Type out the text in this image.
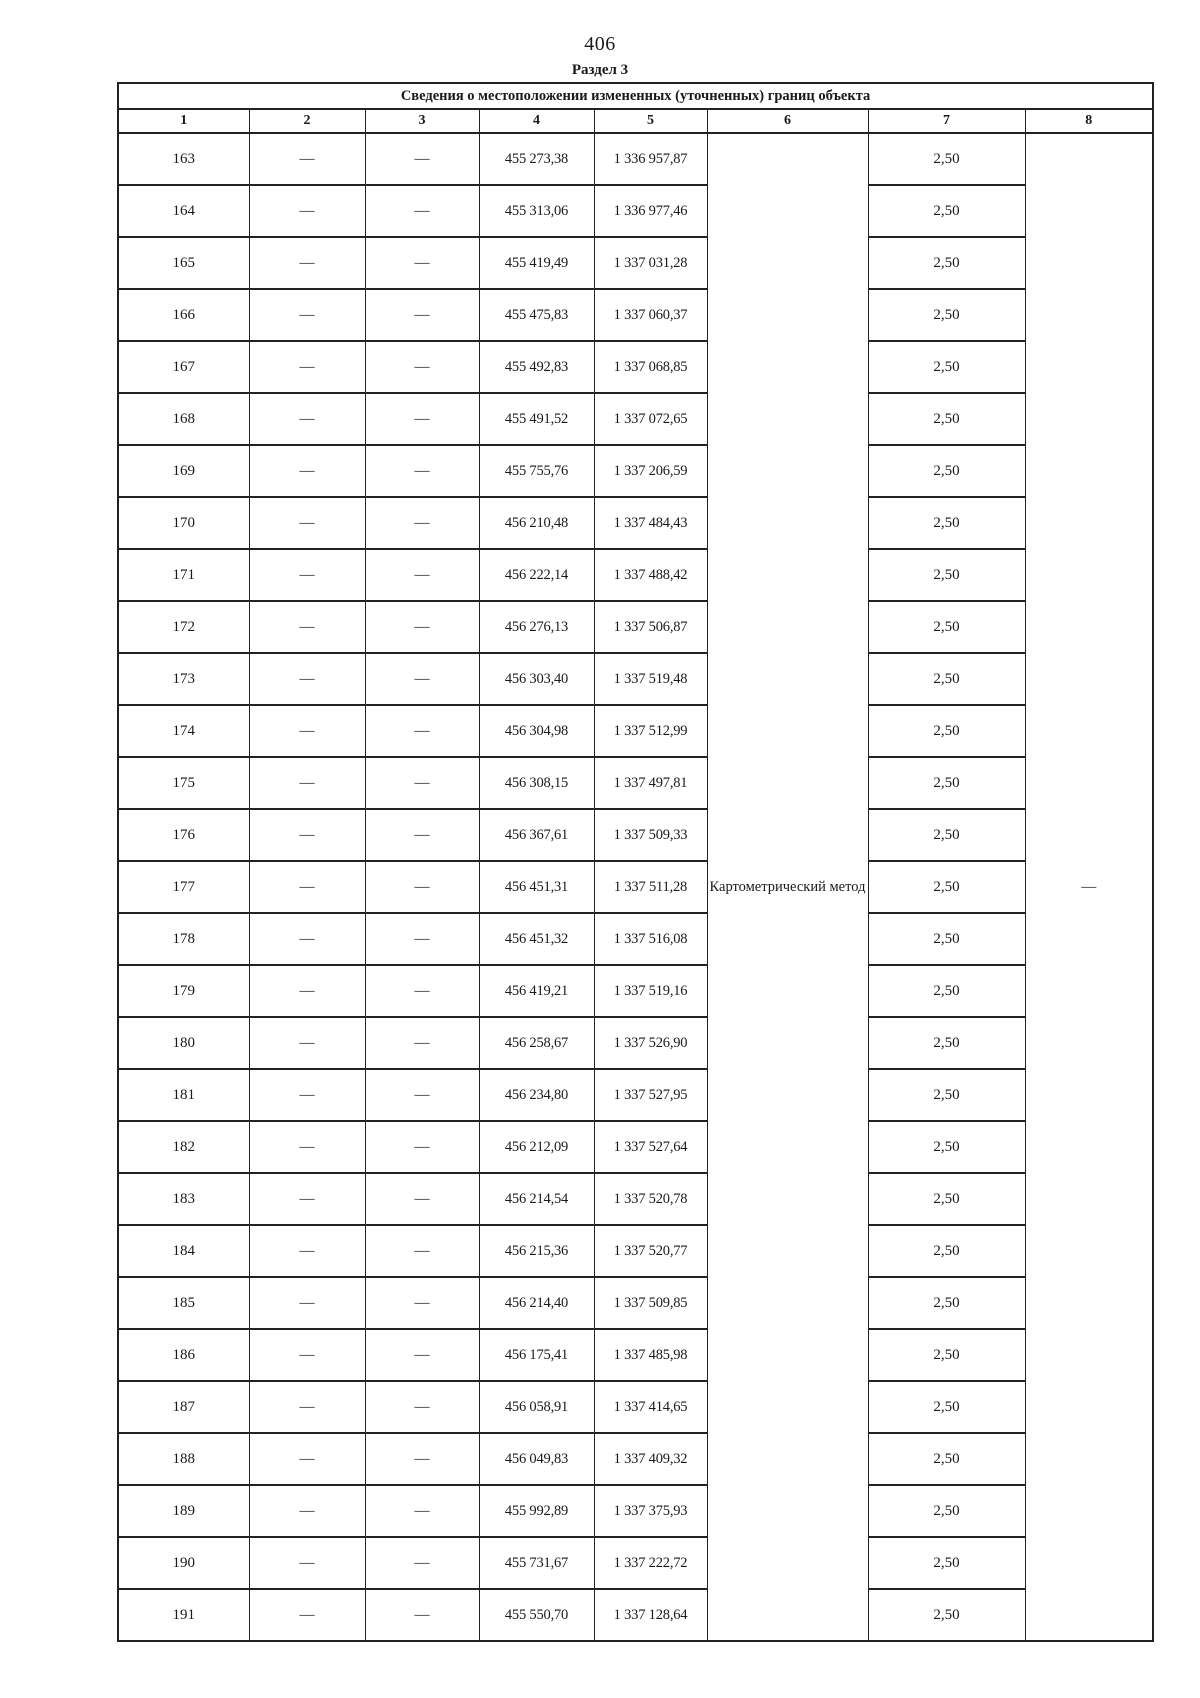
406
Раздел 3
Сведения о местоположении измененных (уточненных) границ объекта							
1	2	3	4	5	6	7	8
163	—	—	455 273,38	1 336 957,87	Картометрический метод	2,50	—
164	—	—	455 313,06	1 336 977,46		2,50	
165	—	—	455 419,49	1 337 031,28		2,50	
166	—	—	455 475,83	1 337 060,37		2,50	
167	—	—	455 492,83	1 337 068,85		2,50	
168	—	—	455 491,52	1 337 072,65		2,50	
169	—	—	455 755,76	1 337 206,59		2,50	
170	—	—	456 210,48	1 337 484,43		2,50	
171	—	—	456 222,14	1 337 488,42		2,50	
172	—	—	456 276,13	1 337 506,87		2,50	
173	—	—	456 303,40	1 337 519,48		2,50	
174	—	—	456 304,98	1 337 512,99		2,50	
175	—	—	456 308,15	1 337 497,81		2,50	
176	—	—	456 367,61	1 337 509,33		2,50	
177	—	—	456 451,31	1 337 511,28		2,50	
178	—	—	456 451,32	1 337 516,08		2,50	
179	—	—	456 419,21	1 337 519,16		2,50	
180	—	—	456 258,67	1 337 526,90		2,50	
181	—	—	456 234,80	1 337 527,95		2,50	
182	—	—	456 212,09	1 337 527,64		2,50	
183	—	—	456 214,54	1 337 520,78		2,50	
184	—	—	456 215,36	1 337 520,77		2,50	
185	—	—	456 214,40	1 337 509,85		2,50	
186	—	—	456 175,41	1 337 485,98		2,50	
187	—	—	456 058,91	1 337 414,65		2,50	
188	—	—	456 049,83	1 337 409,32		2,50	
189	—	—	455 992,89	1 337 375,93		2,50	
190	—	—	455 731,67	1 337 222,72		2,50	
191	—	—	455 550,70	1 337 128,64		2,50	
